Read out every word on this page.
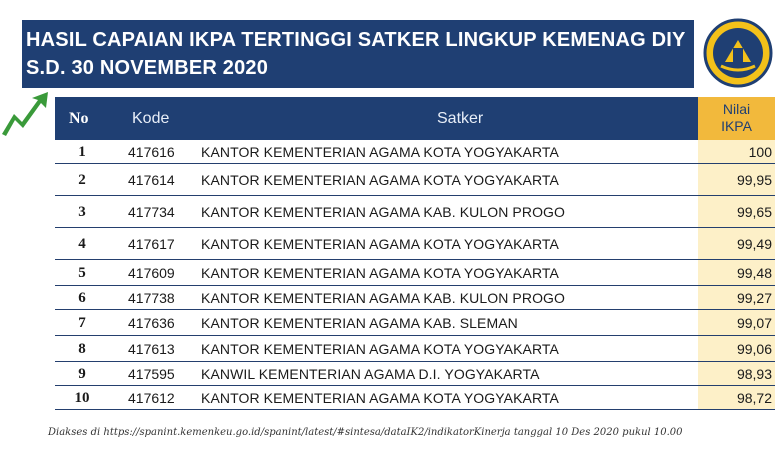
HASIL CAPAIAN IKPA TERTINGGI SATKER LINGKUP KEMENAG DIY
S.D. 30 NOVEMBER 2020
No	Kode	Satker
Nilai
IKPA
1	417616 KANTOR KEMENTERIAN AGAMA KOTA YOGYAKARTA	100
2	417614 KANTOR KEMENTERIAN AGAMA KOTA YOGYAKARTA	99,95
3	417734 KANTOR KEMENTERIAN AGAMA KAB. KULON PROGO	99,65
4	417617 KANTOR KEMENTERIAN AGAMA KOTA YOGYAKARTA	99,49
5	417609 KANTOR KEMENTERIAN AGAMA KOTA YOGYAKARTA	99,48
6	417738 KANTOR KEMENTERIAN AGAMA KAB. KULON PROGO	99,27
7	417636 KANTOR KEMENTERIAN AGAMA KAB. SLEMAN	99,07
8	417613 KANTOR KEMENTERIAN AGAMA KOTA YOGYAKARTA	99,06
9	417595 KANWIL KEMENTERIAN AGAMA D.I. YOGYAKARTA	98,93
10	417612 KANTOR KEMENTERIAN AGAMA KOTA YOGYAKARTA	98,72
Diakses di https://spanint.kemenkeu.go.id/spanint/latest/#sintesa/dataIK2/indikatorKinerja tanggal 10 Des 2020 pukul 10.00
